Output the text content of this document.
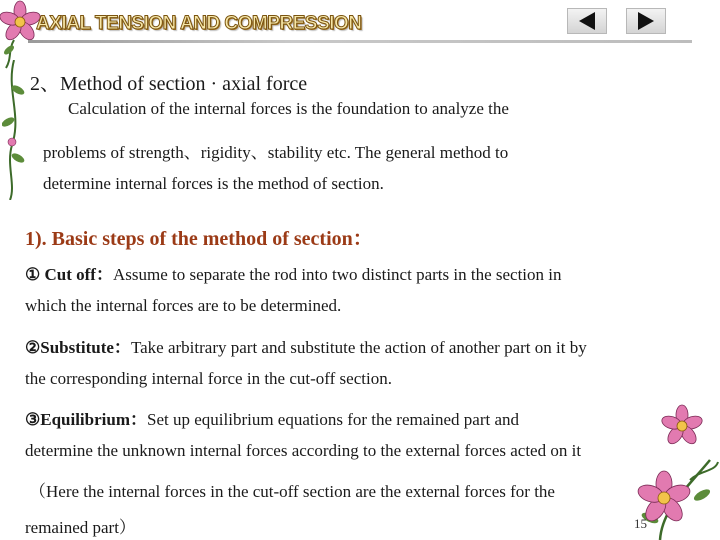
AXIAL TENSION AND COMPRESSION
2、Method of section · axial force
Calculation of the internal forces is the foundation to analyze the
problems of strength、rigidity、stability etc. The general method to
determine internal forces is the method of section.
1). Basic steps of the method of section：
① Cut off：Assume to separate the rod into two distinct parts in the section in
which the internal forces are to be determined.
②Substitute：Take arbitrary part and substitute the action of another part on it by
the corresponding internal force in the cut-off section.
③Equilibrium：Set up equilibrium equations for the remained part and
determine the unknown internal forces according to the external forces acted on it
（Here the internal forces in the cut-off section are the external forces for the
remained part）	15
